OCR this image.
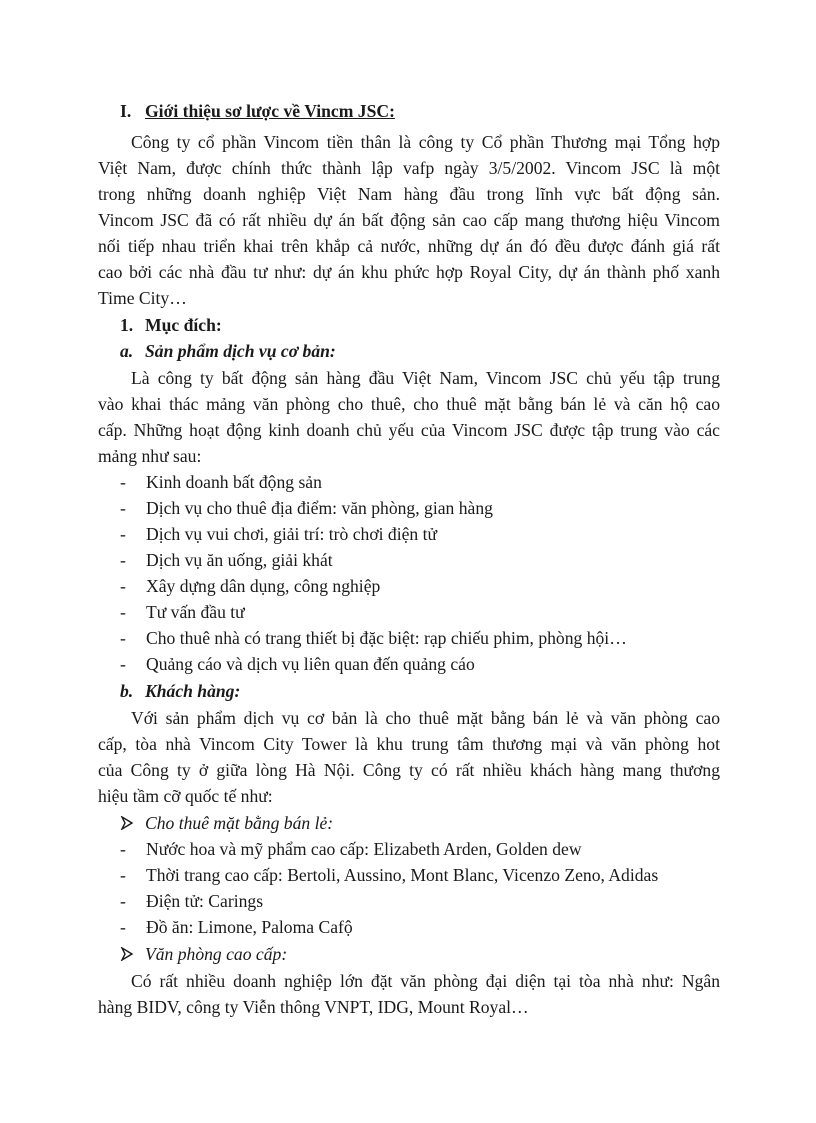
I. Giới thiệu sơ lược về Vincm JSC:
Công ty cổ phần Vincom tiền thân là công ty Cổ phần Thương mại Tổng hợp
Việt Nam, được chính thức thành lập vafp ngày 3/5/2002. Vincom JSC là một
trong những doanh nghiệp Việt Nam hàng đầu trong lĩnh vực bất động sản.
Vincom JSC đã có rất nhiều dự án bất động sản cao cấp mang thương hiệu Vincom
nối tiếp nhau triển khai trên khắp cả nước, những dự án đó đều được đánh giá rất
cao bởi các nhà đầu tư như: dự án khu phức hợp Royal City, dự án thành phố xanh
Time City…
1. Mục đích:
a. Sản phẩm dịch vụ cơ bản:
Là công ty bất động sản hàng đầu Việt Nam, Vincom JSC chủ yếu tập trung
vào khai thác mảng văn phòng cho thuê, cho thuê mặt bằng bán lẻ và căn hộ cao
cấp. Những hoạt động kinh doanh chủ yếu của Vincom JSC được tập trung vào các
mảng như sau:
- Kinh doanh bất động sản
- Dịch vụ cho thuê địa điểm: văn phòng, gian hàng
- Dịch vụ vui chơi, giải trí: trò chơi điện tử
- Dịch vụ ăn uống, giải khát
- Xây dựng dân dụng, công nghiệp
- Tư vấn đầu tư
- Cho thuê nhà có trang thiết bị đặc biệt: rạp chiếu phim, phòng hội…
- Quảng cáo và dịch vụ liên quan đến quảng cáo
b. Khách hàng:
Với sản phẩm dịch vụ cơ bản là cho thuê mặt bằng bán lẻ và văn phòng cao
cấp, tòa nhà Vincom City Tower là khu trung tâm thương mại và văn phòng hot
của Công ty ở giữa lòng Hà Nội. Công ty có rất nhiều khách hàng mang thương
hiệu tầm cỡ quốc tế như:
Cho thuê mặt bằng bán lẻ:
- Nước hoa và mỹ phẩm cao cấp: Elizabeth Arden, Golden dew
- Thời trang cao cấp: Bertoli, Aussino, Mont Blanc, Vicenzo Zeno, Adidas
- Điện tử: Carings
- Đồ ăn: Limone, Paloma Cafộ
Văn phòng cao cấp:
Có rất nhiều doanh nghiệp lớn đặt văn phòng đại diện tại tòa nhà như: Ngân
hàng BIDV, công ty Viễn thông VNPT, IDG, Mount Royal…
